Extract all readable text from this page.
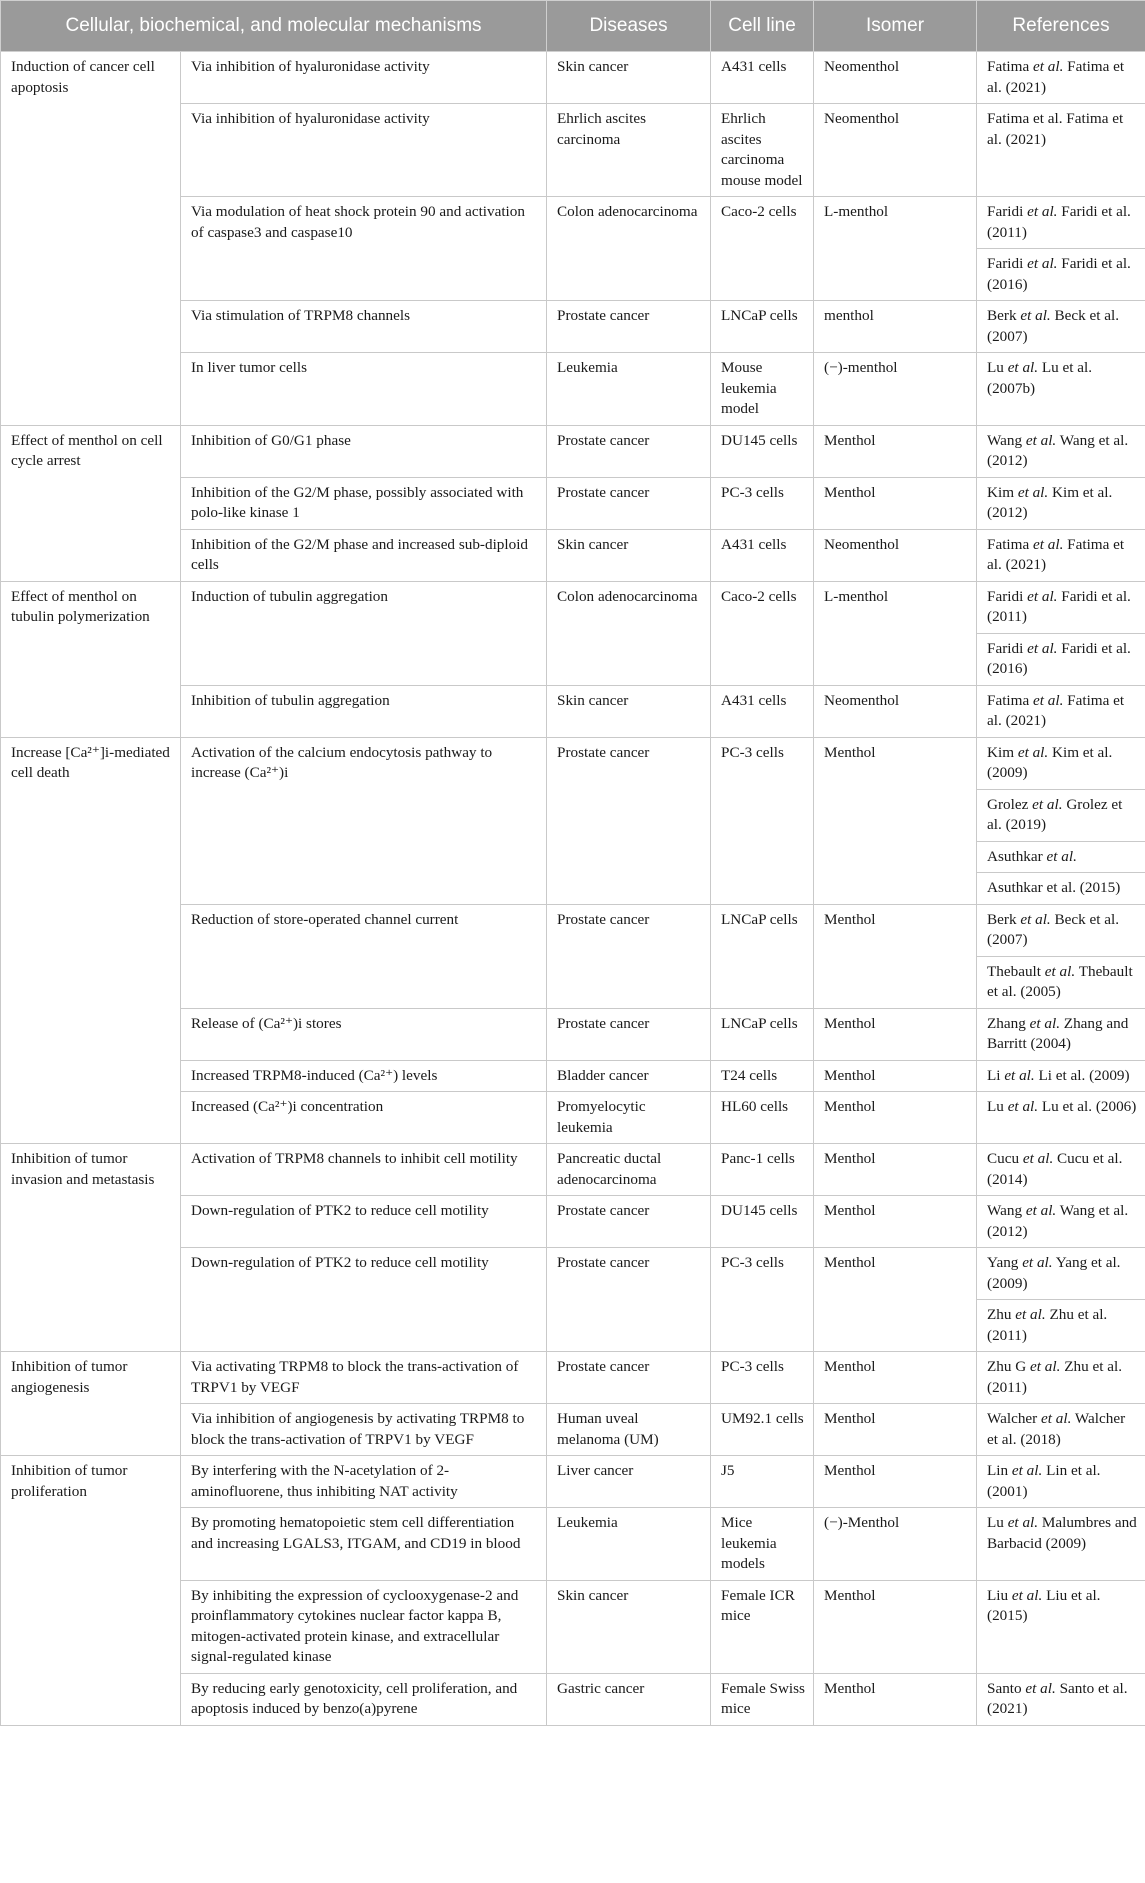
Cellular, biochemical, and molecular mechanisms		Diseases	Cell line	Isomer	References
Induction of cancer cell apoptosis	Via inhibition of hyaluronidase activity	Skin cancer	A431 cells	Neomenthol	Fatima et al. Fatima et al. (2021)
	Via inhibition of hyaluronidase activity	Ehrlich ascites carcinoma	Ehrlich ascites carcinoma mouse model	Neomenthol	Fatima et al. Fatima et al. (2021)
	Via modulation of heat shock protein 90 and activation of caspase3 and caspase10	Colon adenocarcinoma	Caco-2 cells	L-menthol	Faridi et al. Faridi et al. (2011)
					Faridi et al. Faridi et al. (2016)
	Via stimulation of TRPM8 channels	Prostate cancer	LNCaP cells	menthol	Berk et al. Beck et al. (2007)
	In liver tumor cells	Leukemia	Mouse leukemia model	(−)-menthol	Lu et al. Lu et al. (2007b)
Effect of menthol on cell cycle arrest	Inhibition of G0/G1 phase	Prostate cancer	DU145 cells	Menthol	Wang et al. Wang et al. (2012)
	Inhibition of the G2/M phase, possibly associated with polo-like kinase 1	Prostate cancer	PC-3 cells	Menthol	Kim et al. Kim et al. (2012)
	Inhibition of the G2/M phase and increased sub-diploid cells	Skin cancer	A431 cells	Neomenthol	Fatima et al. Fatima et al. (2021)
Effect of menthol on tubulin polymerization	Induction of tubulin aggregation	Colon adenocarcinoma	Caco-2 cells	L-menthol	Faridi et al. Faridi et al. (2011)
					Faridi et al. Faridi et al. (2016)
	Inhibition of tubulin aggregation	Skin cancer	A431 cells	Neomenthol	Fatima et al. Fatima et al. (2021)
Increase [Ca²⁺]i-mediated cell death	Activation of the calcium endocytosis pathway to increase (Ca²⁺)i	Prostate cancer	PC-3 cells	Menthol	Kim et al. Kim et al. (2009)
					Grolez et al. Grolez et al. (2019)
					Asuthkar et al.
					Asuthkar et al. (2015)
	Reduction of store-operated channel current	Prostate cancer	LNCaP cells	Menthol	Berk et al. Beck et al. (2007)
					Thebault et al. Thebault et al. (2005)
	Release of (Ca²⁺)i stores	Prostate cancer	LNCaP cells	Menthol	Zhang et al. Zhang and Barritt (2004)
	Increased TRPM8-induced (Ca²⁺) levels	Bladder cancer	T24 cells	Menthol	Li et al. Li et al. (2009)
	Increased (Ca²⁺)i concentration	Promyelocytic leukemia	HL60 cells	Menthol	Lu et al. Lu et al. (2006)
Inhibition of tumor invasion and metastasis	Activation of TRPM8 channels to inhibit cell motility	Pancreatic ductal adenocarcinoma	Panc-1 cells	Menthol	Cucu et al. Cucu et al. (2014)
	Down-regulation of PTK2 to reduce cell motility	Prostate cancer	DU145 cells	Menthol	Wang et al. Wang et al. (2012)
	Down-regulation of PTK2 to reduce cell motility	Prostate cancer	PC-3 cells	Menthol	Yang et al. Yang et al. (2009)
					Zhu et al. Zhu et al. (2011)
Inhibition of tumor angiogenesis	Via activating TRPM8 to block the trans-activation of TRPV1 by VEGF	Prostate cancer	PC-3 cells	Menthol	Zhu G et al. Zhu et al. (2011)
	Via inhibition of angiogenesis by activating TRPM8 to block the trans-activation of TRPV1 by VEGF	Human uveal melanoma (UM)	UM92.1 cells	Menthol	Walcher et al. Walcher et al. (2018)
Inhibition of tumor proliferation	By interfering with the N-acetylation of 2-aminofluorene, thus inhibiting NAT activity	Liver cancer	J5	Menthol	Lin et al. Lin et al. (2001)
	By promoting hematopoietic stem cell differentiation and increasing LGALS3, ITGAM, and CD19 in blood	Leukemia	Mice leukemia models	(−)-Menthol	Lu et al. Malumbres and Barbacid (2009)
	By inhibiting the expression of cyclooxygenase-2 and proinflammatory cytokines nuclear factor kappa B, mitogen-activated protein kinase, and extracellular signal-regulated kinase	Skin cancer	Female ICR mice	Menthol	Liu et al. Liu et al. (2015)
	By reducing early genotoxicity, cell proliferation, and apoptosis induced by benzo(a)pyrene	Gastric cancer	Female Swiss mice	Menthol	Santo et al. Santo et al. (2021)
